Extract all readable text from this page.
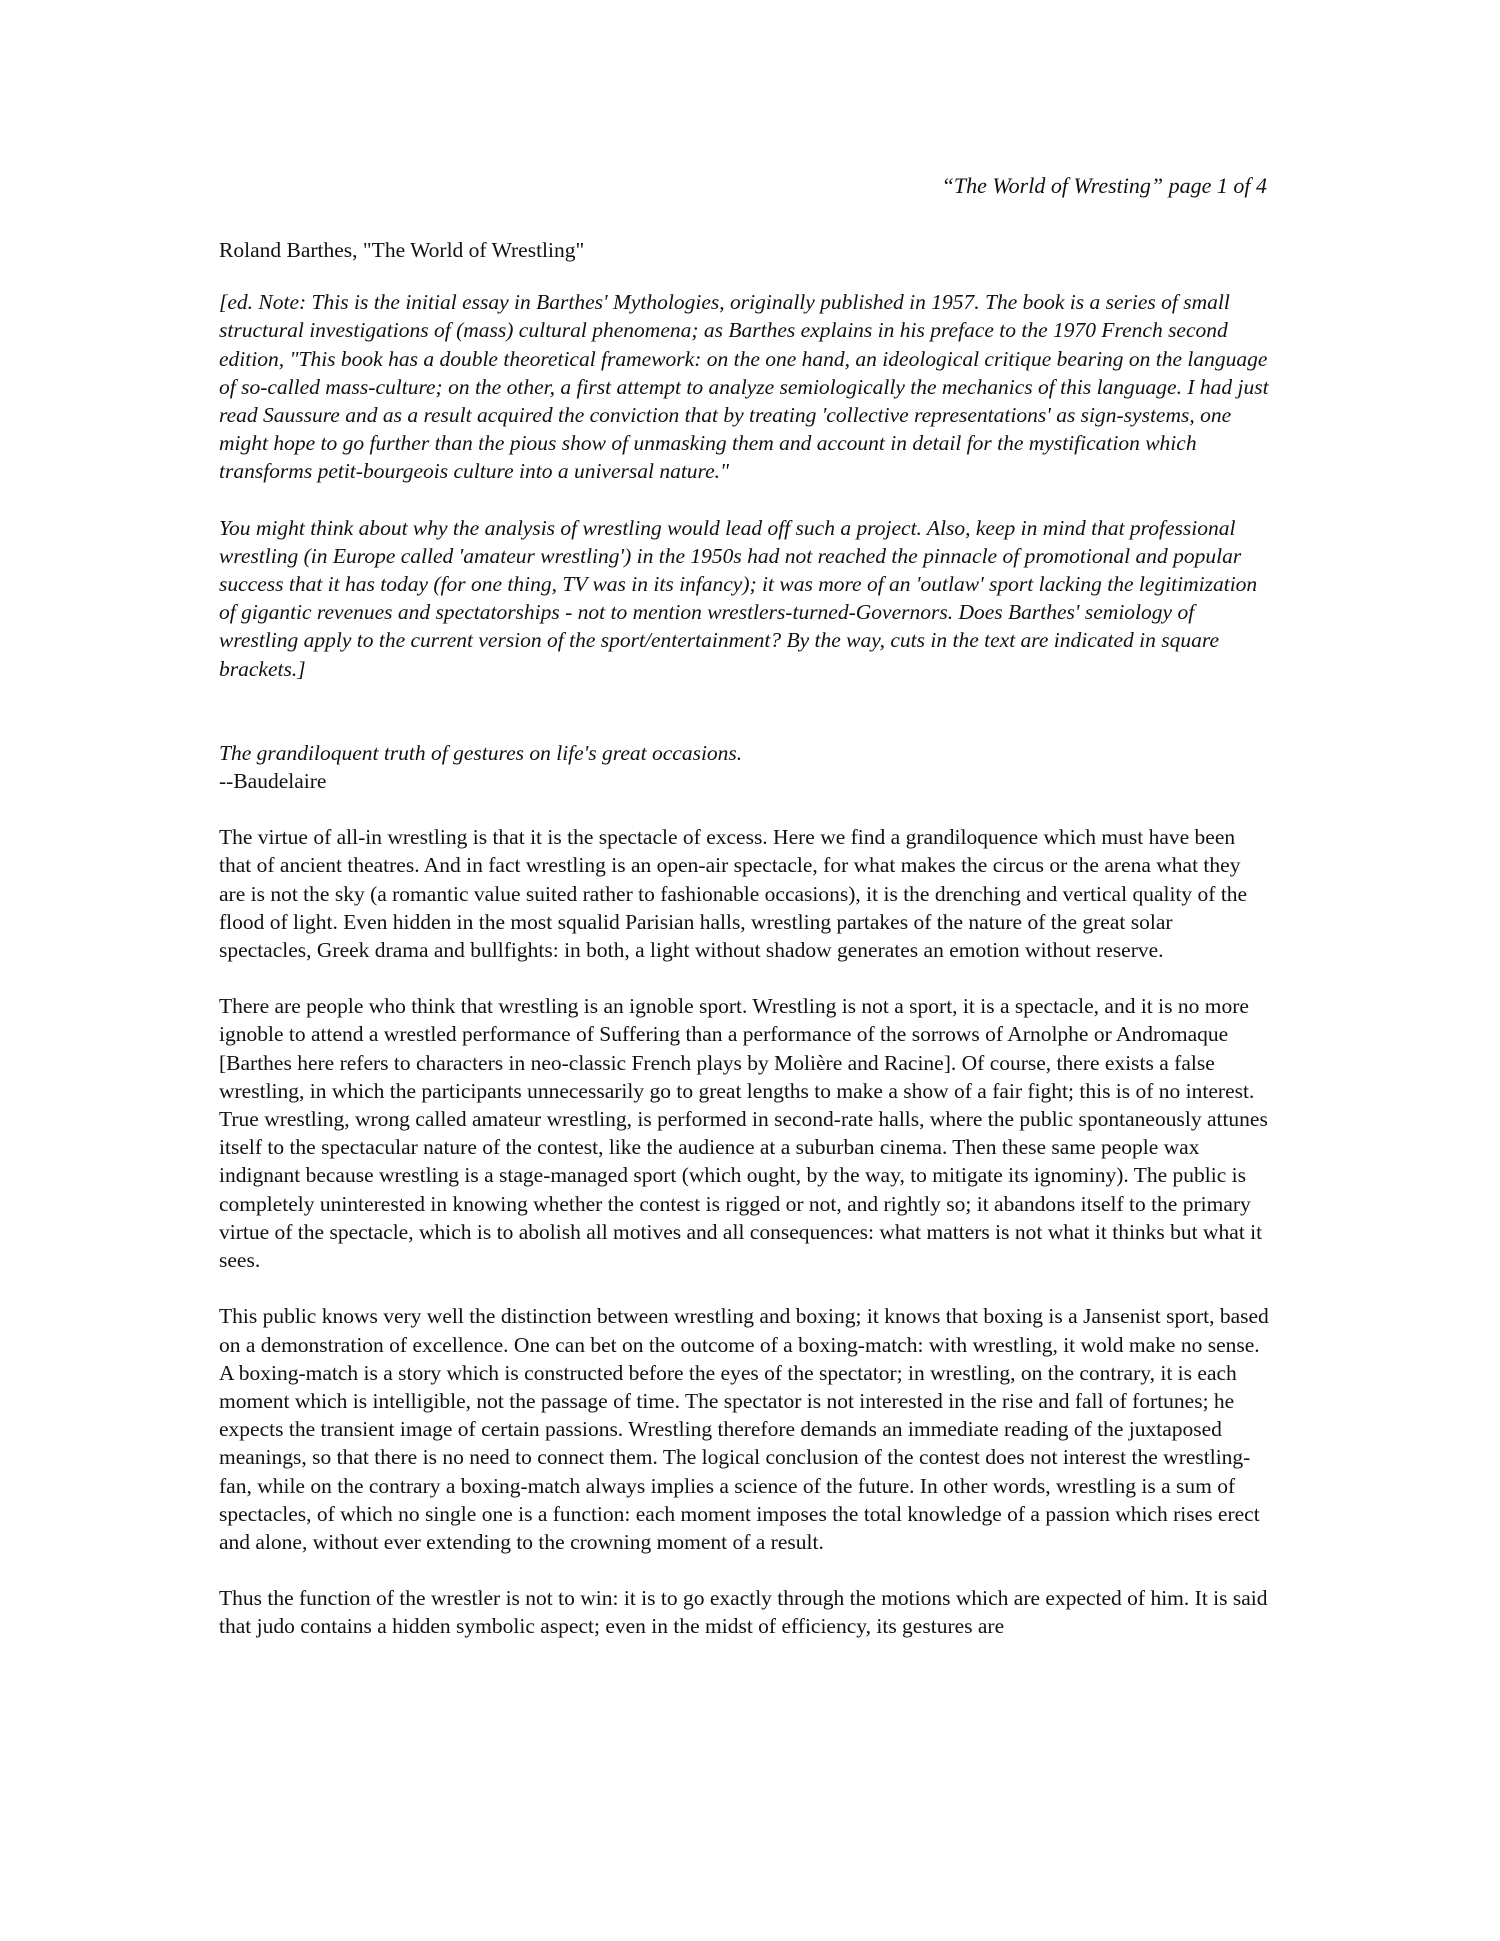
“The World of Wresting” page 1 of 4

Roland Barthes, "The World of Wrestling"

[ed. Note: This is the initial essay in Barthes' Mythologies, originally published in 1957. The book is a series of small structural investigations of (mass) cultural phenomena; as Barthes explains in his preface to the 1970 French second edition, "This book has a double theoretical framework: on the one hand, an ideological critique bearing on the language of so-called mass-culture; on the other, a first attempt to analyze semiologically the mechanics of this language. I had just read Saussure and as a result acquired the conviction that by treating 'collective representations' as sign-systems, one might hope to go further than the pious show of unmasking them and account in detail for the mystification which transforms petit-bourgeois culture into a universal nature."

You might think about why the analysis of wrestling would lead off such a project. Also, keep in mind that professional wrestling (in Europe called 'amateur wrestling') in the 1950s had not reached the pinnacle of promotional and popular success that it has today (for one thing, TV was in its infancy); it was more of an 'outlaw' sport lacking the legitimization of gigantic revenues and spectatorships - not to mention wrestlers-turned-Governors. Does Barthes' semiology of wrestling apply to the current version of the sport/entertainment? By the way, cuts in the text are indicated in square brackets.]

The grandiloquent truth of gestures on life's great occasions.

--Baudelaire

The virtue of all-in wrestling is that it is the spectacle of excess. Here we find a grandiloquence which must have been that of ancient theatres. And in fact wrestling is an open-air spectacle, for what makes the circus or the arena what they are is not the sky (a romantic value suited rather to fashionable occasions), it is the drenching and vertical quality of the flood of light. Even hidden in the most squalid Parisian halls, wrestling partakes of the nature of the great solar spectacles, Greek drama and bullfights: in both, a light without shadow generates an emotion without reserve.

There are people who think that wrestling is an ignoble sport. Wrestling is not a sport, it is a spectacle, and it is no more ignoble to attend a wrestled performance of Suffering than a performance of the sorrows of Arnolphe or Andromaque [Barthes here refers to characters in neo-classic French plays by Molière and Racine]. Of course, there exists a false wrestling, in which the participants unnecessarily go to great lengths to make a show of a fair fight; this is of no interest. True wrestling, wrong called amateur wrestling, is performed in second-rate halls, where the public spontaneously attunes itself to the spectacular nature of the contest, like the audience at a suburban cinema. Then these same people wax indignant because wrestling is a stage-managed sport (which ought, by the way, to mitigate its ignominy). The public is completely uninterested in knowing whether the contest is rigged or not, and rightly so; it abandons itself to the primary virtue of the spectacle, which is to abolish all motives and all consequences: what matters is not what it thinks but what it sees.

This public knows very well the distinction between wrestling and boxing; it knows that boxing is a Jansenist sport, based on a demonstration of excellence. One can bet on the outcome of a boxing-match: with wrestling, it wold make no sense. A boxing-match is a story which is constructed before the eyes of the spectator; in wrestling, on the contrary, it is each moment which is intelligible, not the passage of time. The spectator is not interested in the rise and fall of fortunes; he expects the transient image of certain passions. Wrestling therefore demands an immediate reading of the juxtaposed meanings, so that there is no need to connect them. The logical conclusion of the contest does not interest the wrestling-fan, while on the contrary a boxing-match always implies a science of the future. In other words, wrestling is a sum of spectacles, of which no single one is a function: each moment imposes the total knowledge of a passion which rises erect and alone, without ever extending to the crowning moment of a result.

Thus the function of the wrestler is not to win: it is to go exactly through the motions which are expected of him. It is said that judo contains a hidden symbolic aspect; even in the midst of efficiency, its gestures are
